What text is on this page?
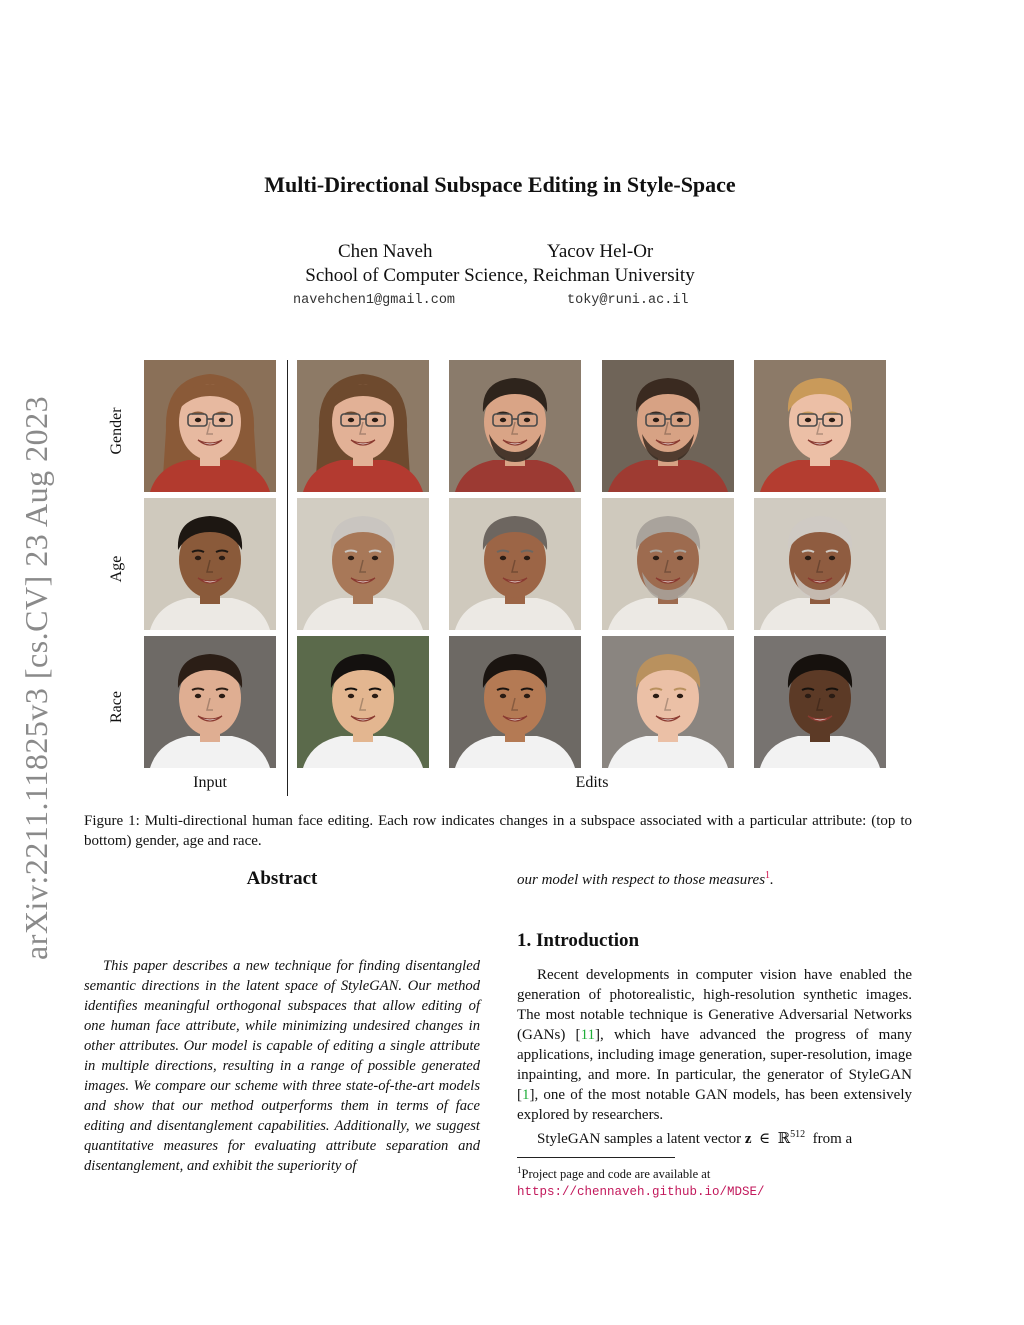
arXiv:2211.11825v3 [cs.CV] 23 Aug 2023
Multi-Directional Subspace Editing in Style-Space
Chen Naveh	Yacov Hel-Or
School of Computer Science, Reichman University
navehchen1@gmail.com	toky@runi.ac.il
Gender
Age
Race
Input	Edits
Figure 1: Multi-directional human face editing. Each row indicates changes in a subspace associated with a particular attribute: (top to bottom) gender, age and race.
Abstract
This paper describes a new technique for finding disentangled semantic directions in the latent space of StyleGAN. Our method identifies meaningful orthogonal subspaces that allow editing of one human face attribute, while minimizing undesired changes in other attributes. Our model is capable of editing a single attribute in multiple directions, resulting in a range of possible generated images. We compare our scheme with three state-of-the-art models and show that our method outperforms them in terms of face editing and disentanglement capabilities. Additionally, we suggest quantitative measures for evaluating attribute separation and disentanglement, and exhibit the superiority of
our model with respect to those measures$^1$.
1. Introduction

Recent developments in computer vision have enabled the generation of photorealistic, high-resolution synthetic images. The most notable technique is Generative Adversarial Networks (GANs) [11], which have advanced the progress of many applications, including image generation, super-resolution, image inpainting, and more. In particular, the generator of StyleGAN [1], one of the most notable GAN models, has been extensively explored by researchers.

StyleGAN samples a latent vector z ∈ ℝ$^{512}$ from a

$^1$Project page and code are available at https://chennaveh.github.io/MDSE/
